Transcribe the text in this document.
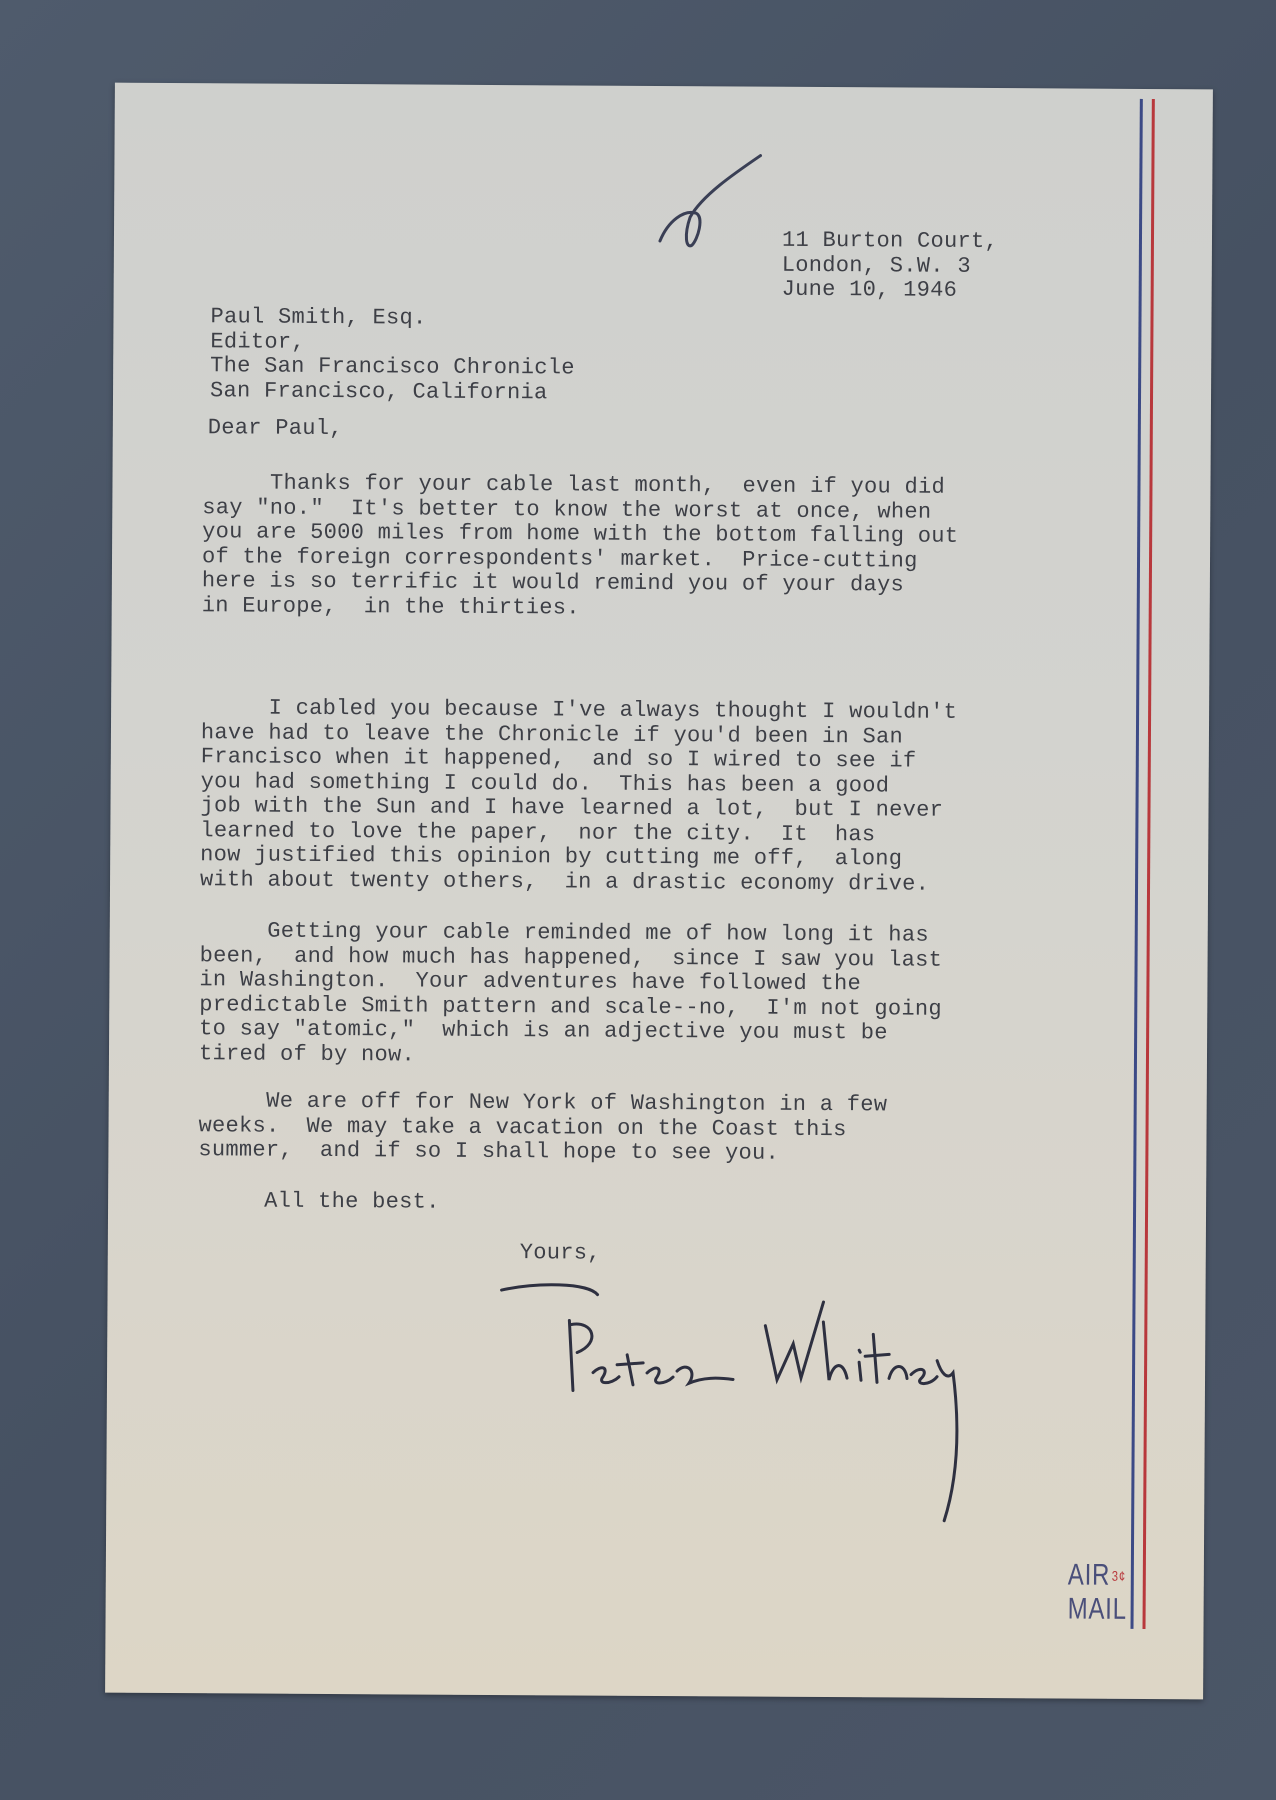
11 Burton Court,
London, S.W. 3
June 10, 1946
Paul Smith, Esq.
Editor,
The San Francisco Chronicle
San Francisco, California
Dear Paul,
Thanks for your cable last month,  even if you did
say "no."  It's better to know the worst at once, when
you are 5000 miles from home with the bottom falling out
of the foreign correspondents' market.  Price-cutting
here is so terrific it would remind you of your days
in Europe,  in the thirties.
I cabled you because I've always thought I wouldn't
have had to leave the Chronicle if you'd been in San
Francisco when it happened,  and so I wired to see if
you had something I could do.  This has been a good
job with the Sun and I have learned a lot,  but I never
learned to love the paper,  nor the city.  It  has
now justified this opinion by cutting me off,  along
with about twenty others,  in a drastic economy drive.
Getting your cable reminded me of how long it has
been,  and how much has happened,  since I saw you last
in Washington.  Your adventures have followed the
predictable Smith pattern and scale--no,  I'm not going
to say "atomic,"  which is an adjective you must be
tired of by now.
We are off for New York of Washington in a few
weeks.  We may take a vacation on the Coast this
summer,  and if so I shall hope to see you.
All the best.
Yours,
$AIR^{3¢}$
MAIL
